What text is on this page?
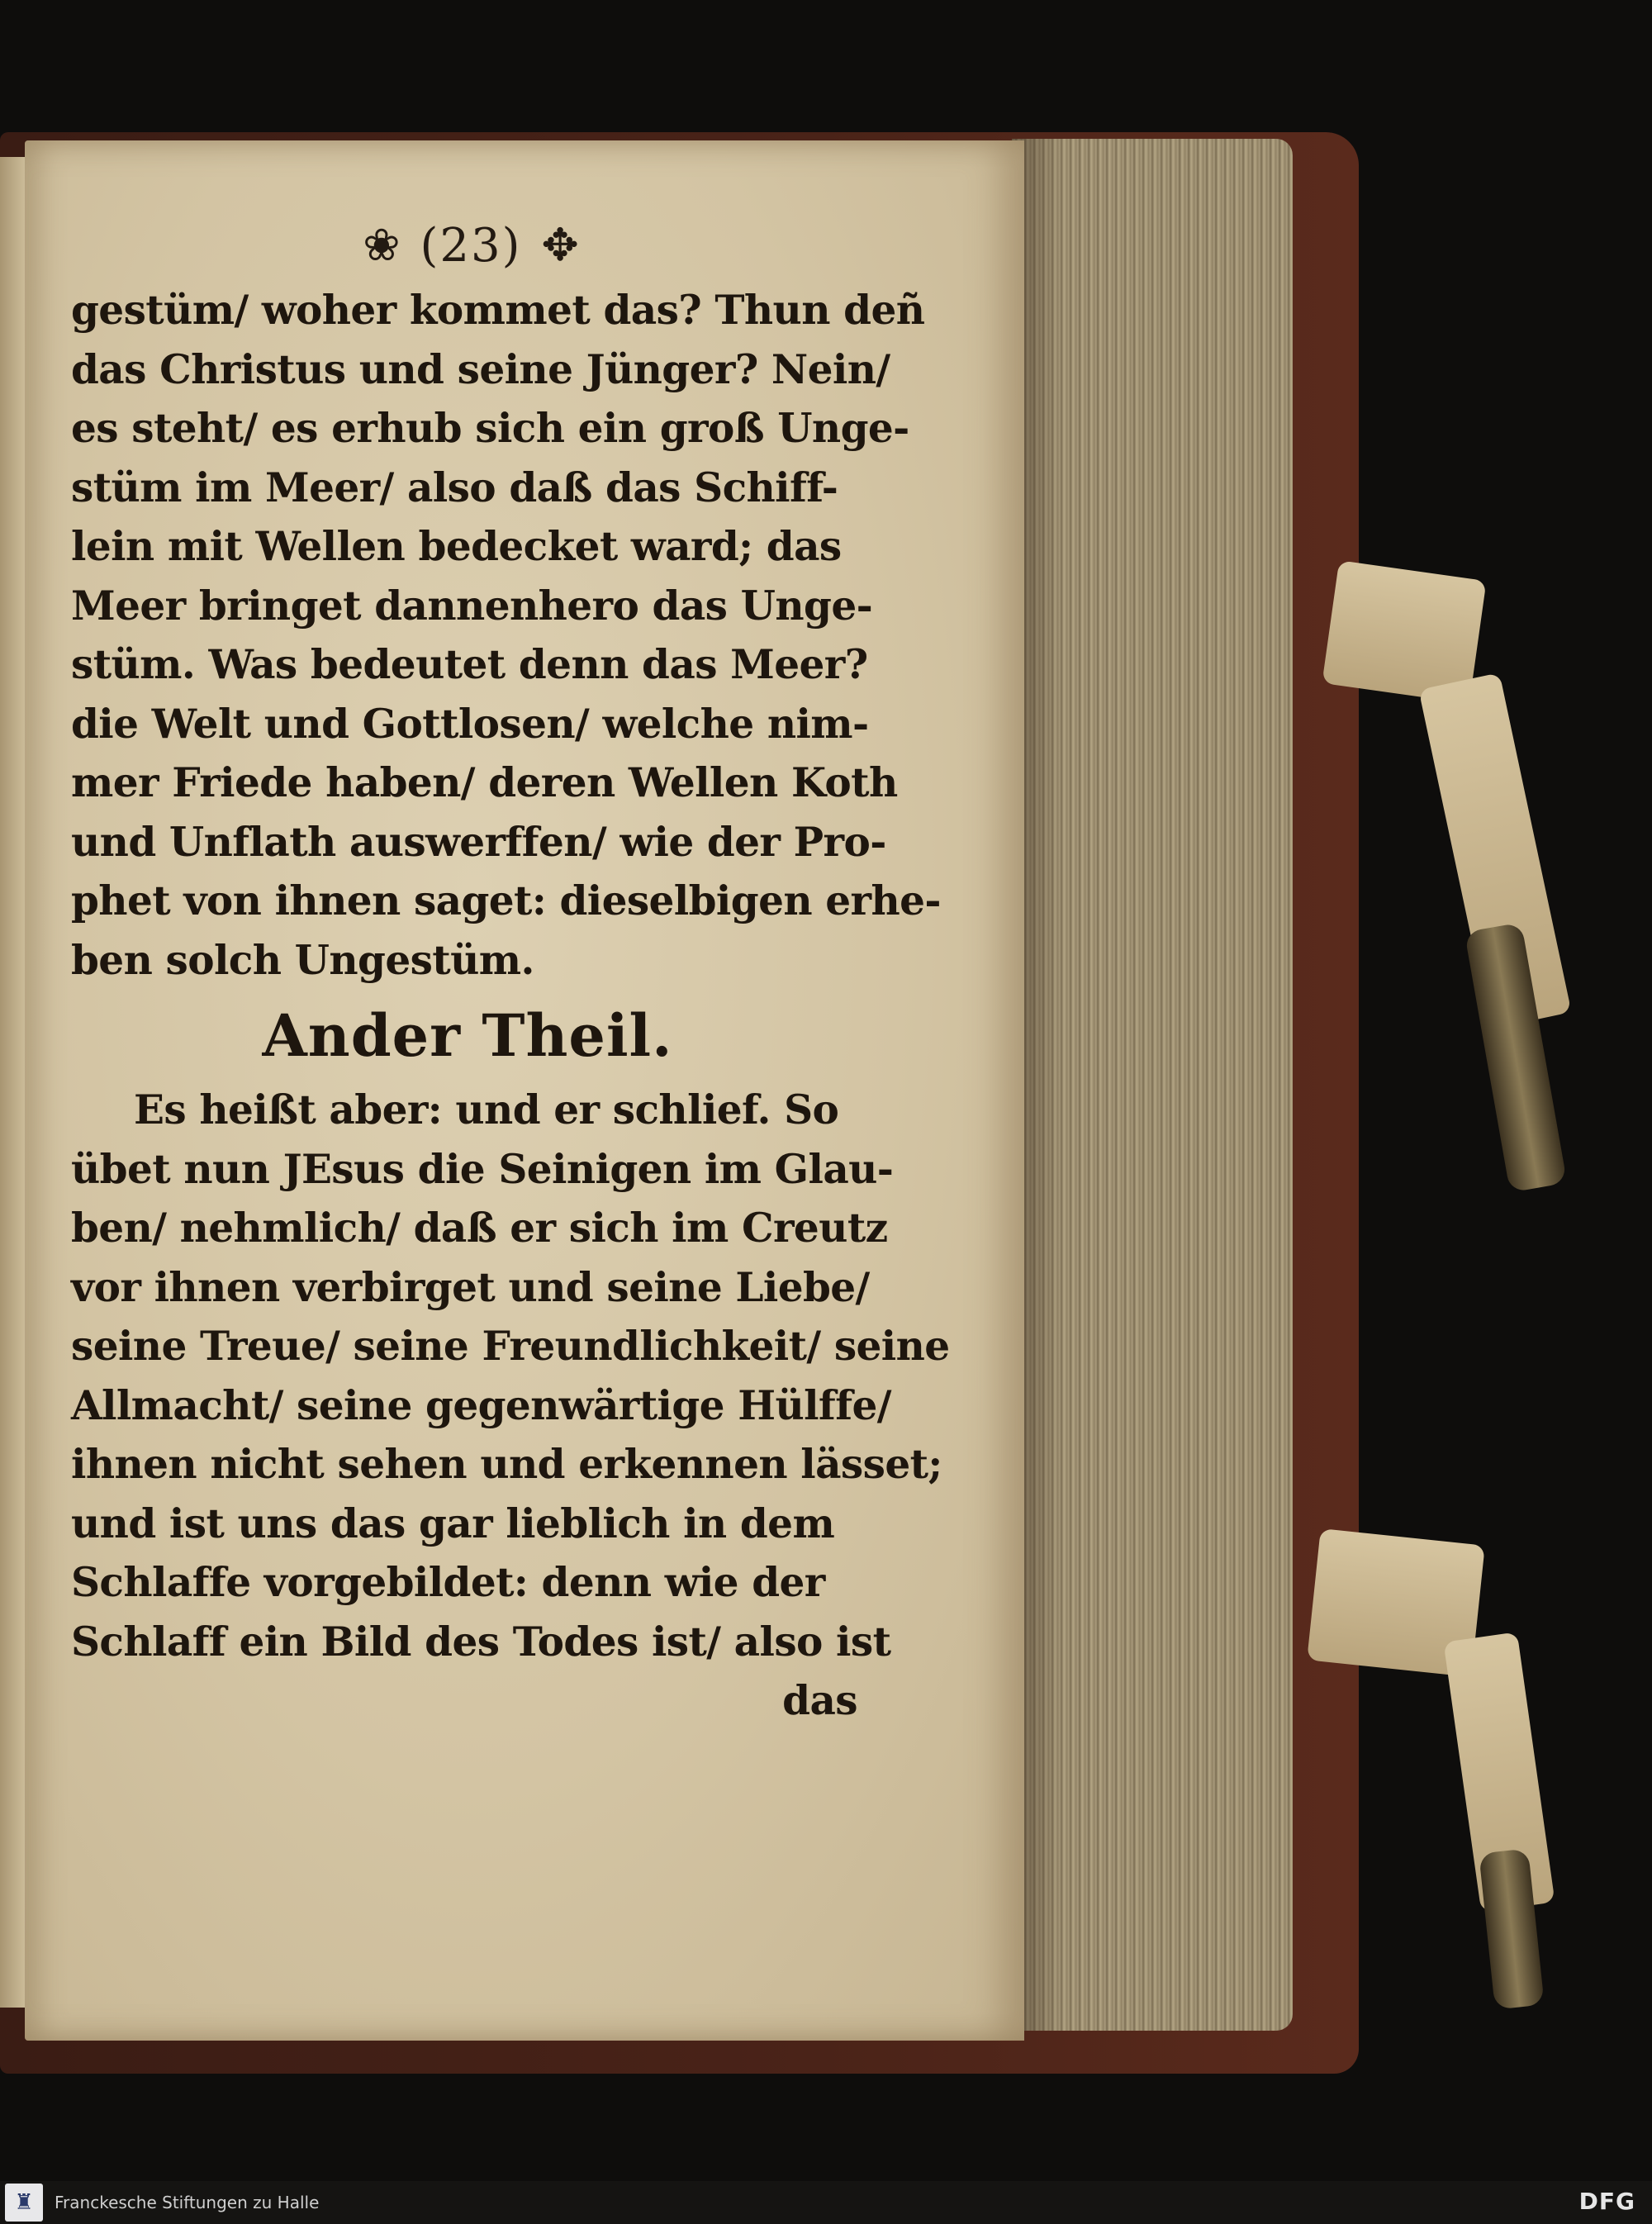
❀ (23) ✥
gestüm/ woher kommet das? Thun deñ
das Christus und seine Jünger? Nein/
es steht/ es erhub sich ein groß Unge-
stüm im Meer/ also daß das Schiff-
lein mit Wellen bedecket ward; das
Meer bringet dannenhero das Unge-
stüm. Was bedeutet denn das Meer?
die Welt und Gottlosen/ welche nim-
mer Friede haben/ deren Wellen Koth
und Unflath auswerffen/ wie der Pro-
phet von ihnen saget: dieselbigen erhe-
ben solch Ungestüm.
Ander Theil.
Es heißt aber: und er schlief. So
übet nun JEsus die Seinigen im Glau-
ben/ nehmlich/ daß er sich im Creutz
vor ihnen verbirget und seine Liebe/
seine Treue/ seine Freundlichkeit/ seine
Allmacht/ seine gegenwärtige Hülffe/
ihnen nicht sehen und erkennen lässet;
und ist uns das gar lieblich in dem
Schlaffe vorgebildet: denn wie der
Schlaff ein Bild des Todes ist/ also ist
das
♜	Franckesche Stiftungen zu Halle	DFG
